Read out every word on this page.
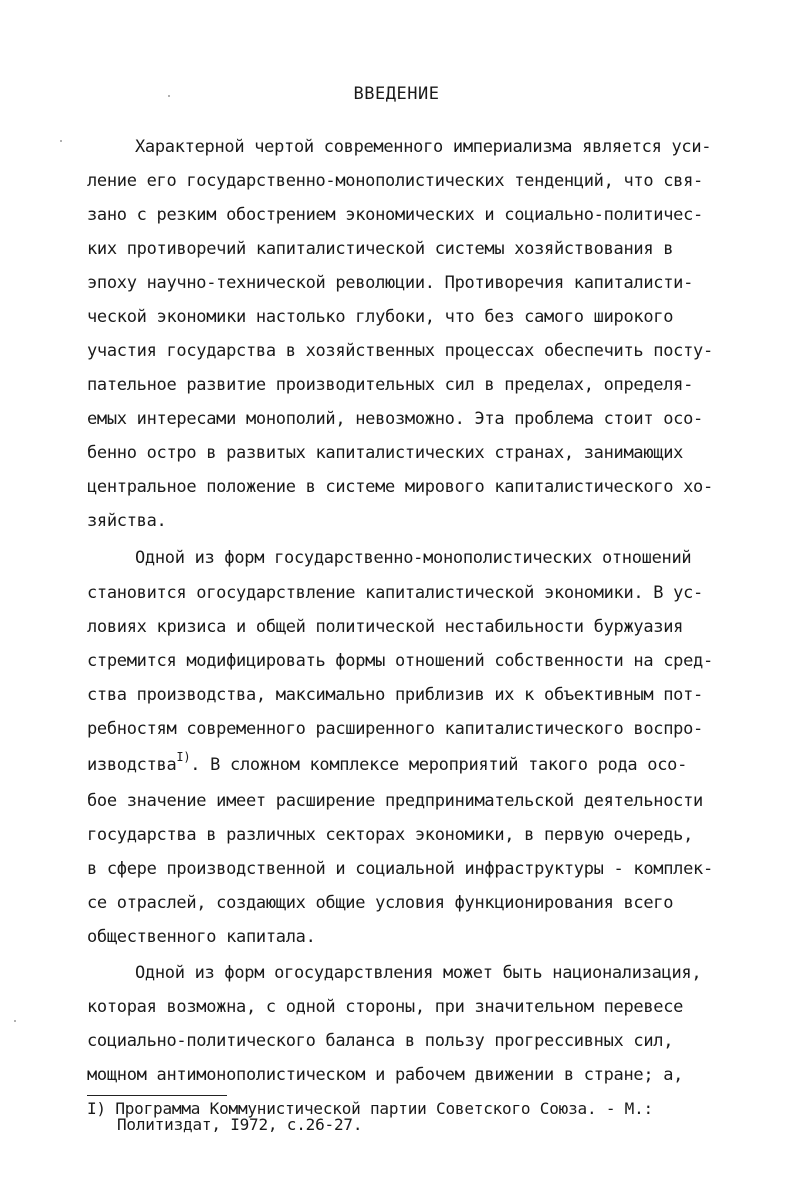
ВВЕДЕНИЕ
Характерной чертой современного империализма является уси-
ление его государственно-монополистических тенденций, что свя-
зано с резким обострением экономических и социально-политичес-
ких противоречий капиталистической системы хозяйствования в
эпоху научно-технической революции. Противоречия капиталисти-
ческой экономики настолько глубоки, что без самого широкого
участия государства в хозяйственных процессах обеспечить посту-
пательное развитие производительных сил в пределах, определя-
емых интересами монополий, невозможно. Эта проблема стоит осо-
бенно остро в развитых капиталистических странах, занимающих
центральное положение в системе мирового капиталистического хо-
зяйства.
Одной из форм государственно-монополистических отношений
становится огосударствление капиталистической экономики. В ус-
ловиях кризиса и общей политической нестабильности буржуазия
стремится модифицировать формы отношений собственности на сред-
ства производства, максимально приблизив их к объективным пот-
ребностям современного расширенного капиталистического воспро-
изводства$^{I)}$. В сложном комплексе мероприятий такого рода осо-
бое значение имеет расширение предпринимательской деятельности
государства в различных секторах экономики, в первую очередь,
в сфере производственной и социальной инфраструктуры - комплек-
се отраслей, создающих общие условия функционирования всего
общественного капитала.
Одной из форм огосударствления может быть национализация,
которая возможна, с одной стороны, при значительном перевесе
социально-политического баланса в пользу прогрессивных сил,
мощном антимонополистическом и рабочем движении в стране; а,
I) Программа Коммунистической партии Советского Союза. - М.:
Политиздат, I972, с.26-27.
